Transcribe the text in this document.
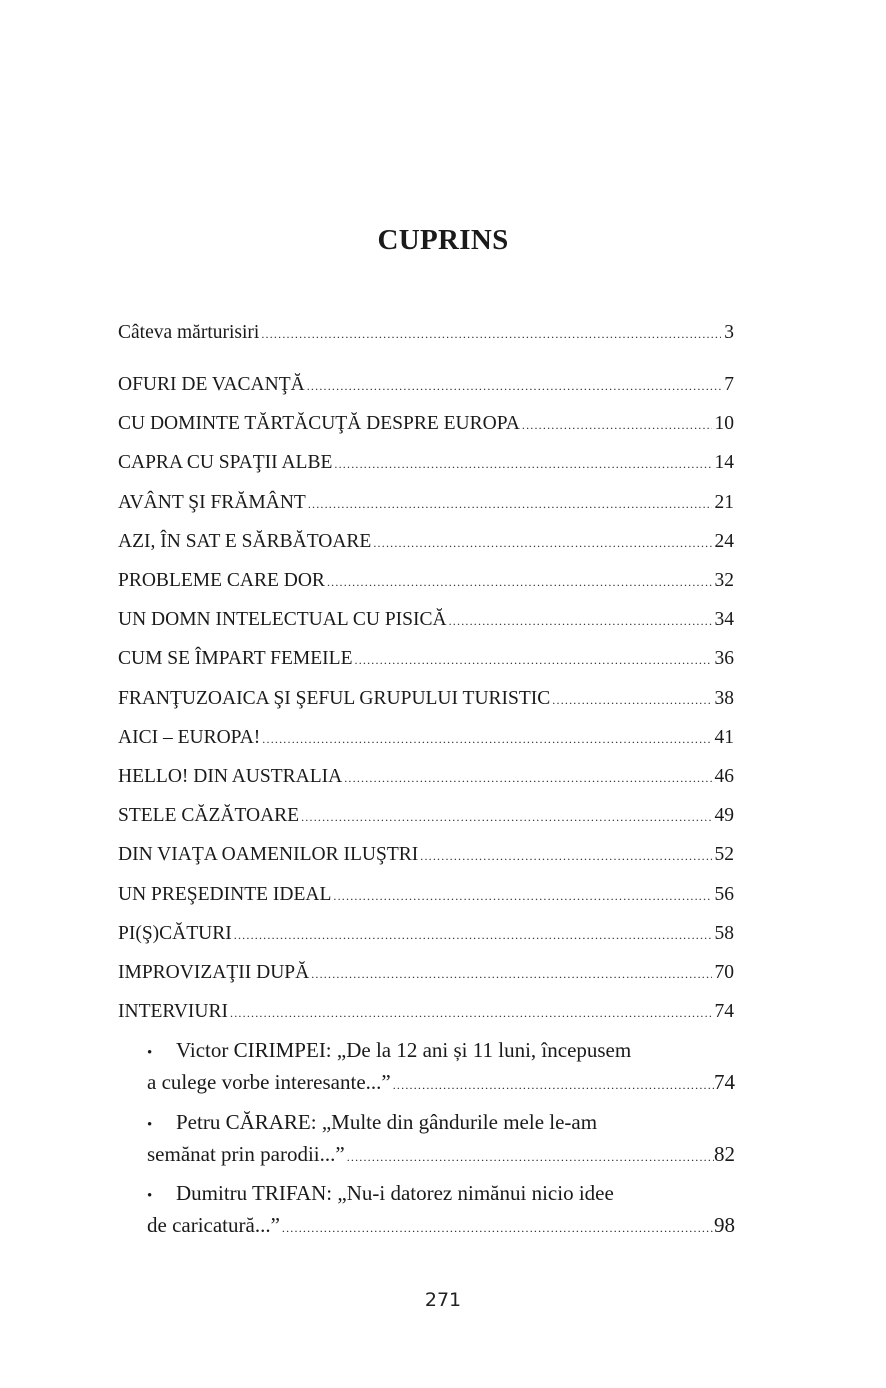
CUPRINS
Câteva mărturisiri .....	3
OFURI DE VACANŢĂ .....	7
CU DOMINTE TĂRTĂCUŢĂ DESPRE EUROPA .....	10
CAPRA CU SPAŢII ALBE .....	14
AVÂNT ŞI FRĂMÂNT .....	21
AZI, ÎN SAT E SĂRBĂTOARE .....	24
PROBLEME CARE DOR .....	32
UN DOMN INTELECTUAL CU PISICĂ .....	34
CUM SE ÎMPART FEMEILE .....	36
FRANŢUZOAICA ŞI ŞEFUL GRUPULUI TURISTIC .....	38
AICI – EUROPA! .....	41
HELLO! DIN AUSTRALIA .....	46
STELE CĂZĂTOARE .....	49
DIN VIAŢA OAMENILOR ILUŞTRI .....	52
UN PREŞEDINTE IDEAL .....	56
PI(Ş)CĂTURI .....	58
IMPROVIZAŢII DUPĂ .....	70
INTERVIURI .....	74
•	Victor CIRIMPEI: „De la 12 ani și 11 luni, începusem
a culege vorbe interesante...” .....	74
•	Petru CĂRARE: „Multe din gândurile mele le-am
semănat prin parodii...” .....	82
•	Dumitru TRIFAN: „Nu-i datorez nimănui nicio idee
de caricatură...” .....	98
271
